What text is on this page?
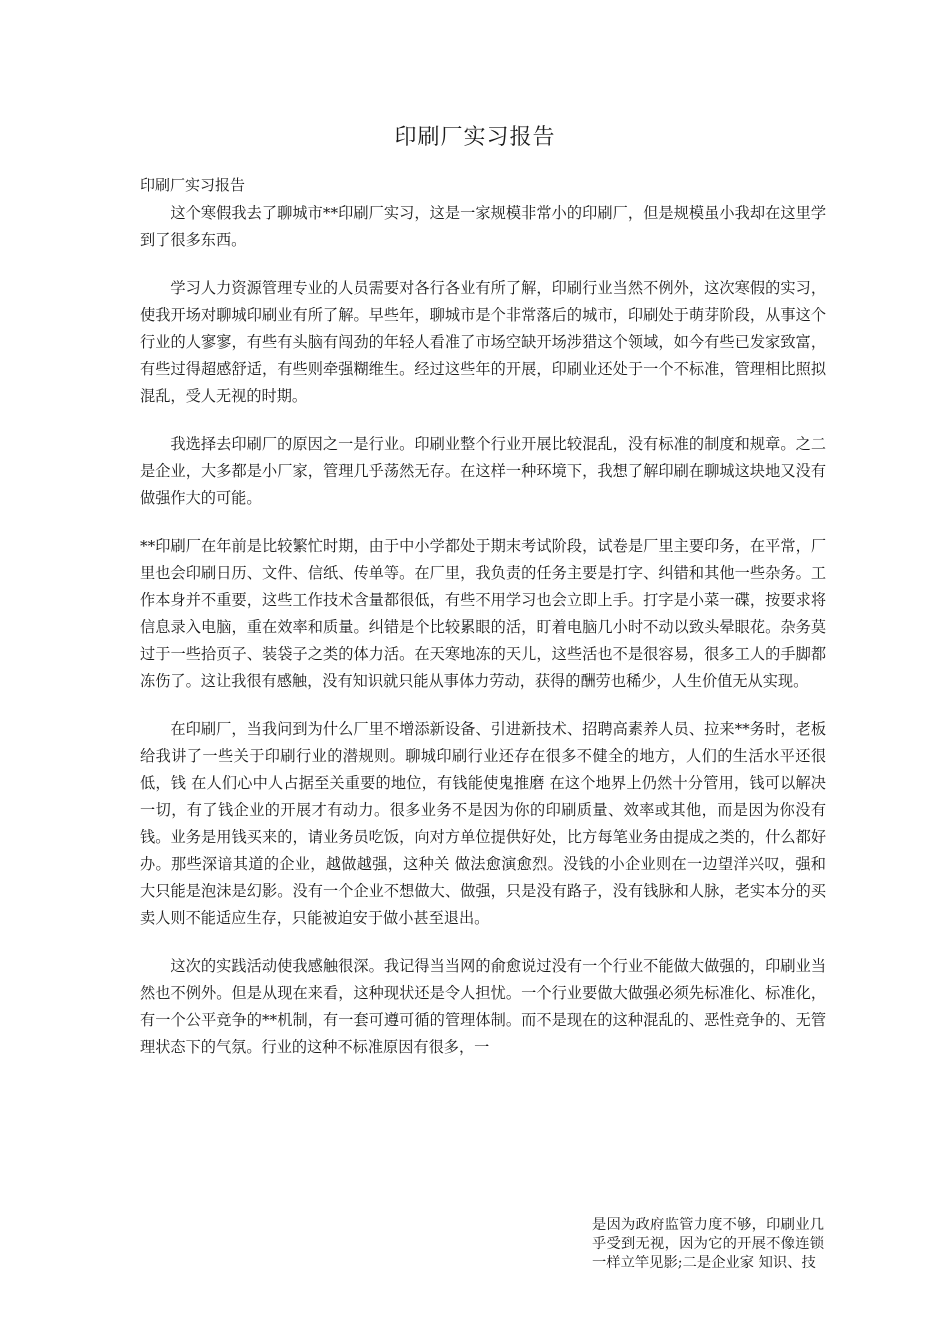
印刷厂实习报告
印刷厂实习报告

这个寒假我去了聊城市**印刷厂实习，这是一家规模非常小的印刷厂，但是规模虽小我却在这里学到了很多东西。

学习人力资源管理专业的人员需要对各行各业有所了解，印刷行业当然不例外，这次寒假的实习，使我开场对聊城印刷业有所了解。早些年，聊城市是个非常落后的城市，印刷处于萌芽阶段，从事这个行业的人寥寥，有些有头脑有闯劲的年轻人看准了市场空缺开场涉猎这个领域，如今有些已发家致富，有些过得超感舒适，有些则牵强糊维生。经过这些年的开展，印刷业还处于一个不标准，管理相比照拟混乱，受人无视的时期。

我选择去印刷厂的原因之一是行业。印刷业整个行业开展比较混乱，没有标准的制度和规章。之二是企业，大多都是小厂家，管理几乎荡然无存。在这样一种环境下，我想了解印刷在聊城这块地又没有做强作大的可能。

**印刷厂在年前是比较繁忙时期，由于中小学都处于期末考试阶段，试卷是厂里主要印务，在平常，厂里也会印刷日历、文件、信纸、传单等。在厂里，我负责的任务主要是打字、纠错和其他一些杂务。工作本身并不重要，这些工作技术含量都很低，有些不用学习也会立即上手。打字是小菜一碟，按要求将信息录入电脑，重在效率和质量。纠错是个比较累眼的活，盯着电脑几小时不动以致头晕眼花。杂务莫过于一些拾页子、装袋子之类的体力活。在天寒地冻的天儿，这些活也不是很容易，很多工人的手脚都冻伤了。这让我很有感触，没有知识就只能从事体力劳动，获得的酬劳也稀少，人生价值无从实现。

在印刷厂，当我问到为什么厂里不增添新设备、引进新技术、招聘高素养人员、拉来**务时，老板给我讲了一些关于印刷行业的潜规则。聊城印刷行业还存在很多不健全的地方，人们的生活水平还很低，钱 在人们心中人占据至关重要的地位，有钱能使鬼推磨 在这个地界上仍然十分管用，钱可以解决一切，有了钱企业的开展才有动力。很多业务不是因为你的印刷质量、效率或其他，而是因为你没有钱。业务是用钱买来的，请业务员吃饭，向对方单位提供好处，比方每笔业务由提成之类的，什么都好办。那些深谙其道的企业，越做越强，这种关 做法愈演愈烈。没钱的小企业则在一边望洋兴叹，强和大只能是泡沫是幻影。没有一个企业不想做大、做强，只是没有路子，没有钱脉和人脉，老实本分的买卖人则不能适应生存，只能被迫安于做小甚至退出。

这次的实践活动使我感触很深。我记得当当网的俞愈说过没有一个行业不能做大做强的，印刷业当然也不例外。但是从现在来看，这种现状还是令人担忧。一个行业要做大做强必须先标准化、标准化，有一个公平竞争的**机制，有一套可遵可循的管理体制。而不是现在的这种混乱的、恶性竞争的、无管理状态下的气氛。行业的这种不标准原因有很多，一

是因为政府监管力度不够，印刷业几乎受到无视，因为它的开展不像连锁一样立竿见影;二是企业家 知识、技
